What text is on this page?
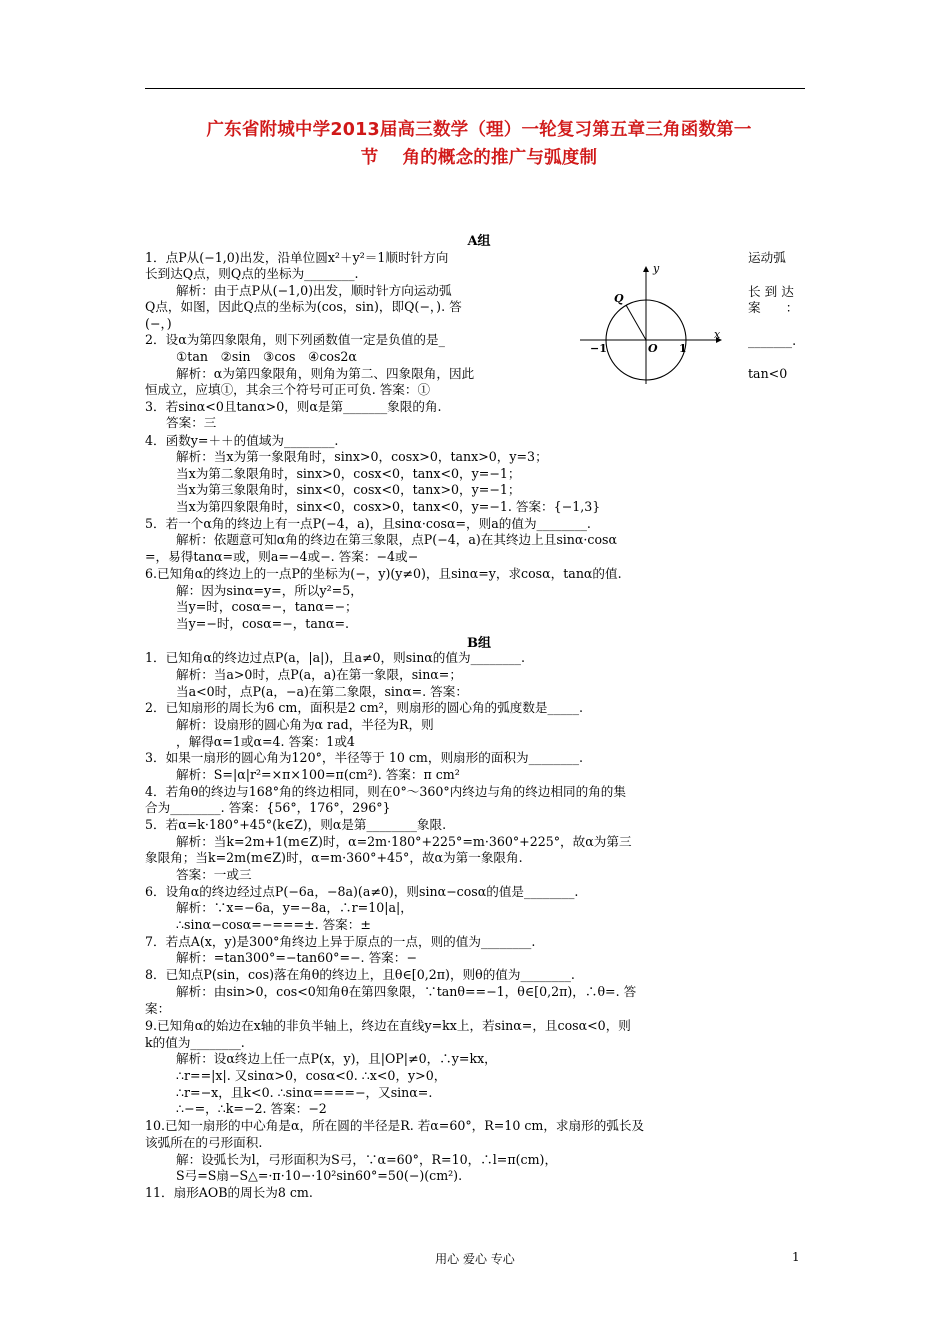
广东省附城中学2013届高三数学（理）一轮复习第五章三角函数第一
节　 角的概念的推广与弧度制
A组
运动弧
长 到 达
案　　：
_______.
tan<0
y
x
Q
O
−1	1
1．点P从(−1,0)出发，沿单位圆x²＋y²＝1顺时针方向
长到达Q点，则Q点的坐标为________.
解析：由于点P从(−1,0)出发，顺时针方向运动弧
Q点，如图，因此Q点的坐标为(cos，sin)，即Q(−，). 答
(−，)
2．设α为第四象限角，则下列函数值一定是负值的是_
①tan　②sin　③cos　④cos2α
解析：α为第四象限角，则角为第二、四象限角，因此
恒成立，应填①，其余三个符号可正可负. 答案：①
3．若sinα<0且tanα>0，则α是第_______象限的角.
答案：三
4．函数y=＋＋的值域为________.
解析：当x为第一象限角时，sinx>0，cosx>0，tanx>0，y=3；
当x为第二象限角时，sinx>0，cosx<0，tanx<0，y=−1；
当x为第三象限角时，sinx<0，cosx<0，tanx>0，y=−1；
当x为第四象限角时，sinx<0，cosx>0，tanx<0，y=−1. 答案：{−1,3}
5．若一个α角的终边上有一点P(−4，a)，且sinα·cosα=，则a的值为________.
解析：依题意可知α角的终边在第三象限，点P(−4，a)在其终边上且sinα·cosα
=，易得tanα=或，则a=−4或−. 答案：−4或−
6.已知角α的终边上的一点P的坐标为(−，y)(y≠0)，且sinα=y，求cosα，tanα的值.
解：因为sinα=y=，所以y²=5，
当y=时，cosα=−，tanα=−；
当y=−时，cosα=−，tanα=.
B组
1．已知角α的终边过点P(a，|a|)，且a≠0，则sinα的值为________.
解析：当a>0时，点P(a，a)在第一象限，sinα=；
当a<0时，点P(a，−a)在第二象限，sinα=. 答案：
2．已知扇形的周长为6 cm，面积是2 cm²，则扇形的圆心角的弧度数是_____.
解析：设扇形的圆心角为α rad，半径为R，则
，解得α=1或α=4. 答案：1或4
3．如果一扇形的圆心角为120°，半径等于 10 cm，则扇形的面积为________.
解析：S=|α|r²=×π×100=π(cm²). 答案：π cm²
4．若角θ的终边与168°角的终边相同，则在0°～360°内终边与角的终边相同的角的集
合为________. 答案：{56°，176°，296°}
5．若α=k·180°+45°(k∈Z)，则α是第________象限.
解析：当k=2m+1(m∈Z)时，α=2m·180°+225°=m·360°+225°，故α为第三
象限角；当k=2m(m∈Z)时，α=m·360°+45°，故α为第一象限角.
答案：一或三
6．设角α的终边经过点P(−6a，−8a)(a≠0)，则sinα−cosα的值是________.
解析：∵x=−6a，y=−8a，∴r=10|a|，
∴sinα−cosα=−===±. 答案：±
7．若点A(x，y)是300°角终边上异于原点的一点，则的值为________.
解析：=tan300°=−tan60°=−. 答案：−
8．已知点P(sin，cos)落在角θ的终边上，且θ∈[0,2π)，则θ的值为________.
解析：由sin>0，cos<0知角θ在第四象限，∵tanθ==−1，θ∈[0,2π)，∴θ=. 答
案：
9.已知角α的始边在x轴的非负半轴上，终边在直线y=kx上，若sinα=，且cosα<0，则
k的值为________.
解析：设α终边上任一点P(x，y)，且|OP|≠0，∴y=kx，
∴r==|x|. 又sinα>0，cosα<0. ∴x<0，y>0，
∴r=−x，且k<0. ∴sinα====−，又sinα=.
∴−=，∴k=−2. 答案：−2
10.已知一扇形的中心角是α，所在圆的半径是R. 若α=60°，R=10 cm，求扇形的弧长及
该弧所在的弓形面积.
解：设弧长为l，弓形面积为S弓，∵α=60°，R=10，∴l=π(cm)，
S弓=S扇−S△=·π·10−·10²sin60°=50(−)(cm²).
11．扇形AOB的周长为8 cm.
用心 爱心 专心	1
